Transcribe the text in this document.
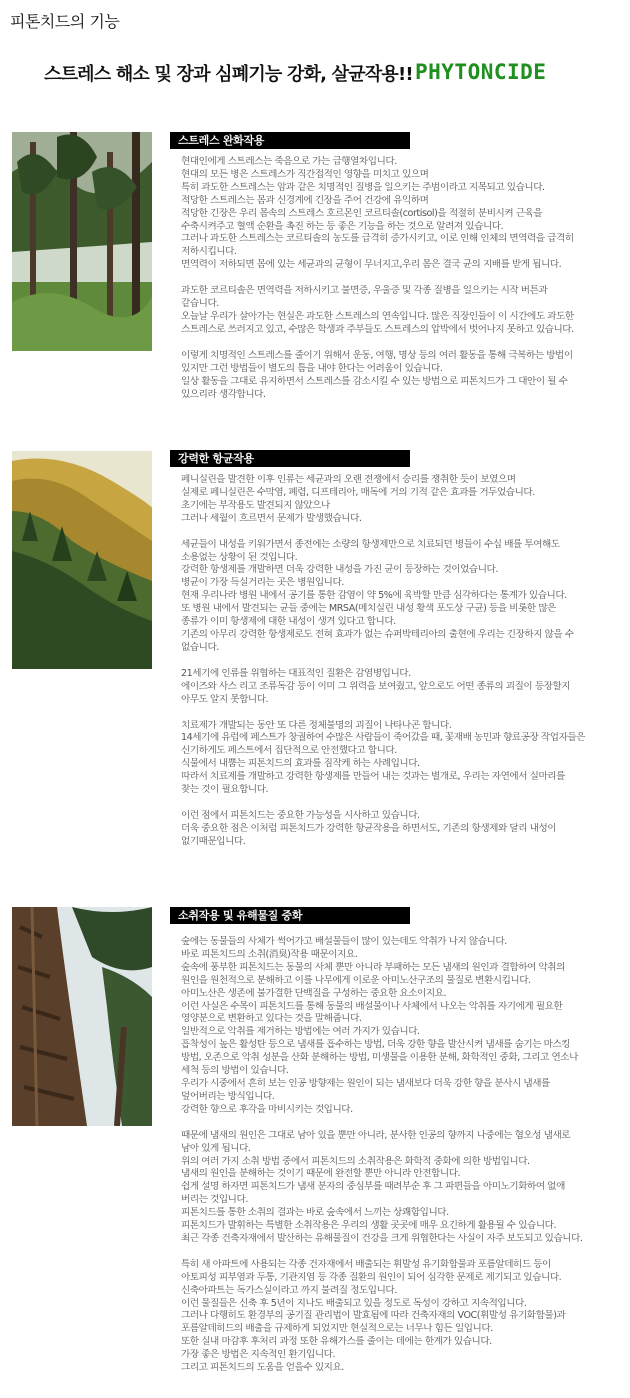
피톤치드의 기능
스트레스 해소 및 장과 심폐기능 강화, 살균작용!! PHYTONCIDE
스트레스 완화작용

현대인에게 스트레스는 죽음으로 가는 급행열차입니다.

현대의 모든 병은 스트레스가 직간접적인 영향을 미치고 있으며

특히 과도한 스트레스는 암과 같은 치명적인 질병을 일으키는 주범이라고 지목되고 있습니다.

적당한 스트레스는 몸과 신경계에 긴장을 주어 건강에 유익하며

적당한 긴장은 우리 몸속의 스트레스 호르몬인 코르티솔(cortisol)을 적절히 분비시켜 근육을

수축시켜주고 혈액 순환을 촉진 하는 등 좋은 기능을 하는 것으로 알려져 있습니다.

그러나 과도한 스트레스는 코르티솔의 농도를 급격히 증가시키고, 이로 인해 인체의 면역력을 급격히

저하시킵니다.

면역력이 저하되면 몸에 있는 세균과의 균형이 무너지고,우리 몸은 결국 균의 지배를 받게 됩니다.

과도한 코르티솔은 면역력을 저하시키고 불면증, 우울증 및 각종 질병을 일으키는 시작 버튼과

같습니다.

오늘날 우리가 살아가는 현실은 과도한 스트레스의 연속입니다. 많은 직장인들이 이 시간에도 과도한

스트레스로 쓰러지고 있고, 수많은 학생과 주부들도 스트레스의 압박에서 벗어나지 못하고 있습니다.

이렇게 치명적인 스트레스를 줄이기 위해서 운동, 여행, 명상 등의 여러 활동을 통해 극복하는 방법이

있지만 그런 방법들이 별도의 틈을 내야 한다는 어려움이 있습니다.

일상 활동을 그대로 유지하면서 스트레스를 감소시킬 수 있는 방법으로 피톤치드가 그 대안이 될 수

있으리라 생각합니다.

강력한 항균작용

페니실린을 발견한 이후 인류는 세균과의 오랜 전쟁에서 승리를 쟁취한 듯이 보였으며

실제로 페니실린은 수막염, 폐렴, 디프테리아, 매독에 거의 기적 같은 효과를 거두었습니다.

초기에는 부작용도 발견되지 않았으나

그러나 세월이 흐르면서 문제가 발생했습니다.

세균들이 내성을 키워가면서 종전에는 소량의 항생제만으로 치료되던 병들이 수십 배를 투여해도

소용없는 상황이 된 것입니다.

강력한 항생제를 개발하면 더욱 강력한 내성을 가진 균이 등장하는 것이었습니다.

병균이 가장 득실거리는 곳은 병원입니다.

현재 우리나라 병원 내에서 공기를 통한 감염이 약 5%에 육박할 만큼 심각하다는 통계가 있습니다.

또 병원 내에서 발견되는 균들 중에는 MRSA(메치실린 내성 황색 포도상 구균) 등을 비롯한 많은

종류가 이미 항생제에 대한 내성이 생겨 있다고 합니다.

기존의 아무리 강력한 항생제로도 전혀 효과가 없는 슈퍼박테리아의 출현에 우리는 긴장하지 않을 수

없습니다.

21세기에 인류를 위협하는 대표적인 질환은 감염병입니다.

에이즈와 사스 리고 조류독감 등이 이미 그 위력을 보여줬고, 앞으로도 어떤 종류의 괴질이 등장할지

아무도 알지 못합니다.

치료제가 개발되는 동안 또 다른 정체불명의 괴질이 나타나곤 합니다.

14세기에 유럽에 페스트가 창궐하여 수많은 사람들이 죽어갔을 때, 꽃재배 농민과 향료공장 작업자들은

신기하게도 페스트에서 집단적으로 안전했다고 합니다.

식물에서 내뿜는 피톤치드의 효과를 짐작케 하는 사례입니다.

따라서 치료제를 개발하고 강력한 항생제를 만들어 내는 것과는 별개로, 우리는 자연에서 실마리를

찾는 것이 필요합니다.

이런 점에서 피톤치드는 중요한 가능성을 시사하고 있습니다.

더욱 중요한 점은 이처럼 피톤치드가 강력한 항균작용을 하면서도, 기존의 항생제와 달리 내성이

없기때문입니다.

소취작용 및 유해물질 중화

숲에는 동물들의 사체가 썩어가고 배설물들이 많이 있는데도 악취가 나지 않습니다.

바로 피톤치드의 소취(消臭)작용 때문이지요.

숲속에 풍부한 피톤치드는 동물의 사체 뿐만 아니라 부패하는 모든 냄새의 원인과 결합하여 악취의

원인을 원천적으로 분해하고 이를 나무에게 이로운 아미노산구조의 물질로 변환시킵니다.

아미노산은 생존에 불가결한 단백질을 구성하는 중요한 요소이지요.

이런 사실은 수목이 피톤치드를 통해 동물의 배설물이나 사체에서 나오는 악취를 자기에게 필요한

영양분으로 변환하고 있다는 것을 말해줍니다.

일반적으로 악취를 제거하는 방법에는 여러 가지가 있습니다.

흡착성이 높은 활성탄 등으로 냄새를 흡수하는 방법, 더욱 강한 향을 발산시켜 냄새를 숨기는 마스킹

방법, 오존으로 악취 성분을 산화 분해하는 방법, 미생물을 이용한 분해, 화학적인 중화, 그리고 연소나

세척 등의 방법이 있습니다.

우리가 시중에서 흔히 보는 인공 방향제는 원인이 되는 냄새보다 더욱 강한 향을 분사시 냄새를

덮어버리는 방식입니다.

강력한 향으로 후각을 마비시키는 것입니다.

때문에 냄새의 원인은 그대로 남아 있을 뿐만 아니라, 분사한 인공의 향까지 나중에는 혐오성 냄새로

남아 있게 됩니다.

위의 여러 가지 소취 방법 중에서 피톤치드의 소취작용은 화학적 중화에 의한 방법입니다.

냄새의 원인을 분해하는 것이기 때문에 완전할 뿐만 아니라 안전합니다.

쉽게 설명 하자면 피톤치드가 냄새 분자의 중심부를 때려부순 후 그 파편들을 아미노기화하여 없애

버리는 것입니다.

피톤치드를 통한 소취의 결과는 바로 숲속에서 느끼는 상쾌함입니다.

피톤치드가 발휘하는 특별한 소취작용은 우리의 생활 곳곳에 매우 요긴하게 활용될 수 있습니다.

최근 각종 건축자재에서 발산하는 유해물질이 건강을 크게 위협한다는 사실이 자주 보도되고 있습니다.

특히 새 아파트에 사용되는 각종 건자재에서 배출되는 휘발성 유기화합물과 포름알데히드 등이

아토피성 피부염과 두통, 기관지염 등 각종 질환의 원인이 되어 심각한 문제로 제기되고 있습니다.

신축아파트는 독가스실이라고 까지 불려질 정도입니다.

이런 물질들은 신축 후 5년이 지나도 배출되고 있을 정도로 독성이 강하고 지속적입니다.

그러나 다행히도 환경부의 공기질 관리법이 발효됨에 따라 건축자재의 VOC(휘발성 유기화합물)과

포름알데히드의 배출을 규제하게 되었지만 현실적으로는 너무나 힘든 일입니다.

또한 실내 마감후 후처리 과정 또한 유해가스를 줄이는 데에는 한계가 있습니다.

가장 좋은 방법은 지속적인 환기입니다.

그리고 피톤치드의 도움을 얻을수 있지요.
